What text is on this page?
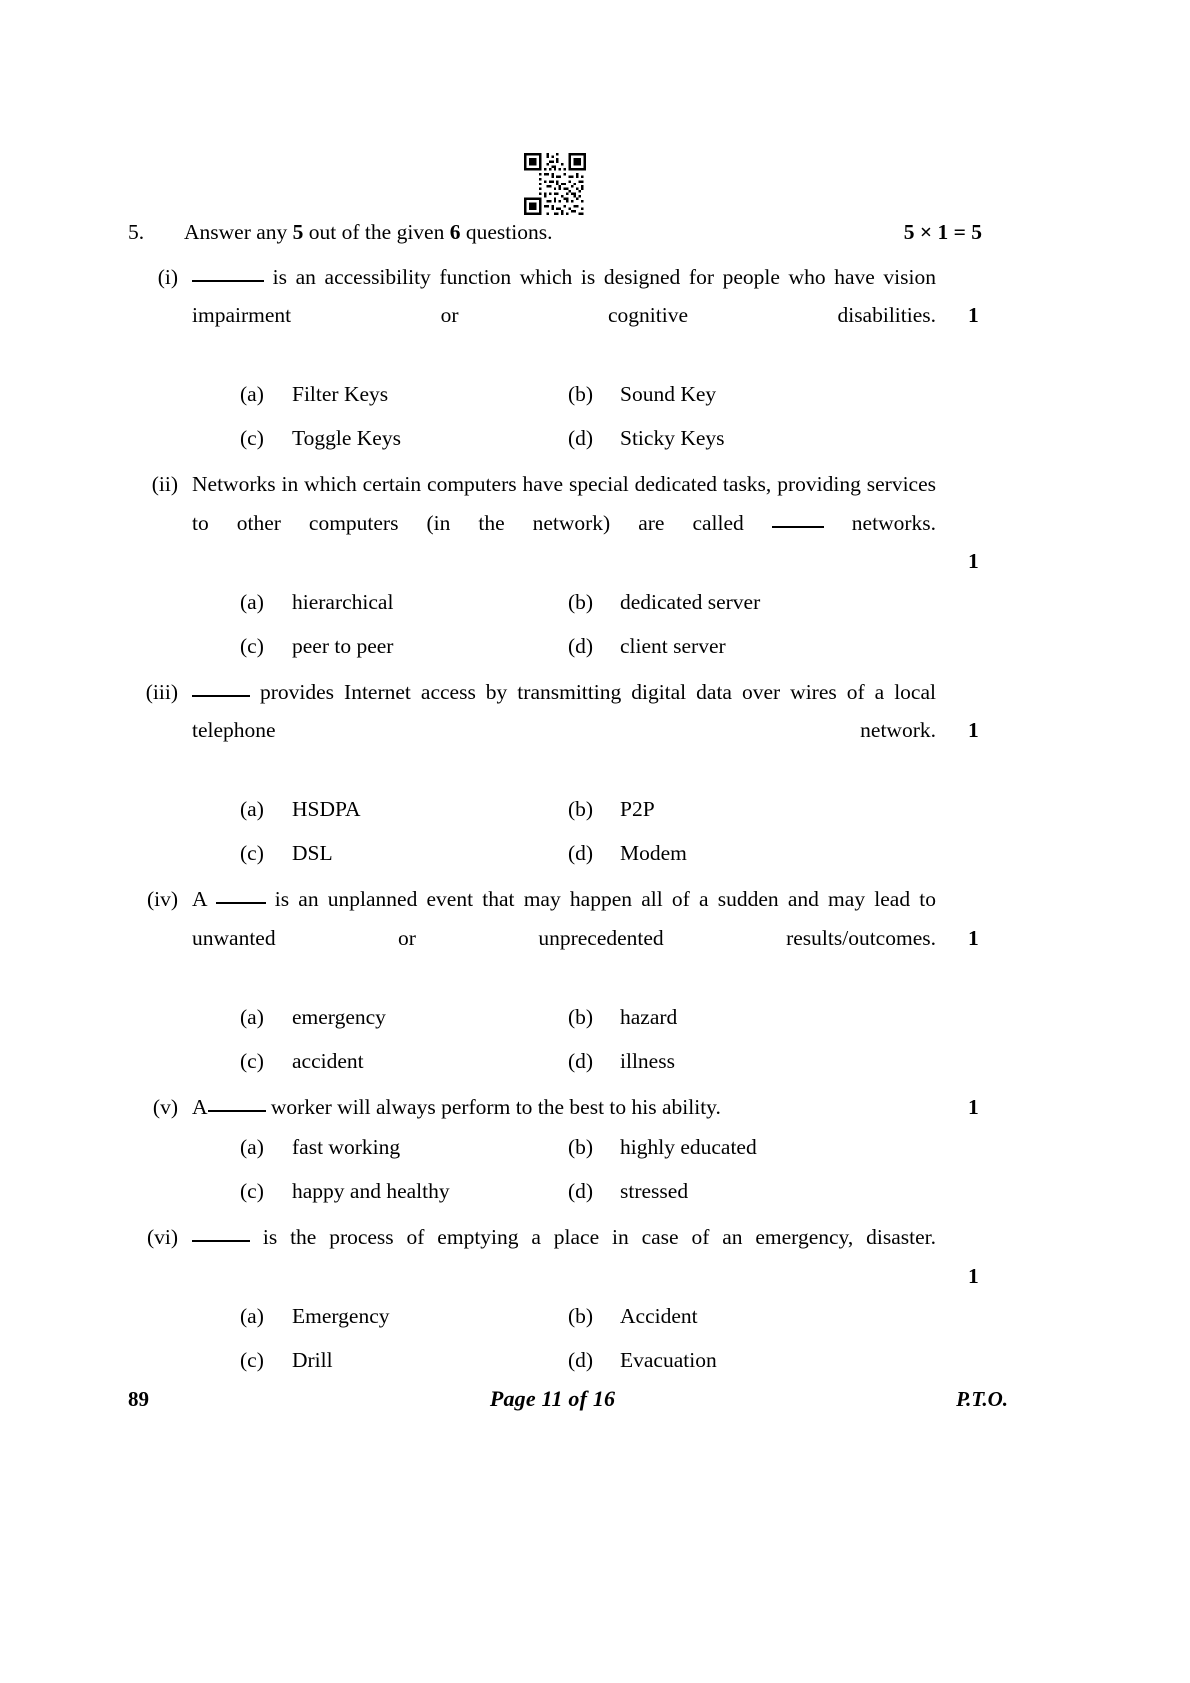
5.	Answer any 5 out of the given 6 questions.	5 × 1 = 5
(i)	is an accessibility function which is designed for people who have vision impairment or cognitive disabilities.	1
(a)	Filter Keys	(b)	Sound Key
(c)	Toggle Keys	(d)	Sticky Keys
(ii) Networks in which certain computers have special dedicated tasks, providing services to other computers (in the network) are called	networks.
1
(a)	hierarchical	(b)	dedicated server
(c)	peer to peer	(d)	client server
(iii)	provides Internet access by transmitting digital data over wires of a local telephone network.	1
(a)	HSDPA	(b)	P2P
(c)	DSL	(d)	Modem
(iv) A	is an unplanned event that may happen all of a sudden and may lead to unwanted or unprecedented results/outcomes.	1
(a)	emergency	(b)	hazard
(c)	accident	(d)	illness
(v) A	worker will always perform to the best to his ability.	1
(a)	fast working	(b)	highly educated
(c)	happy and healthy	(d)	stressed
(vi)	is the process of emptying a place in case of an emergency, disaster.
1
(a)	Emergency	(b)	Accident
(c)	Drill	(d)	Evacuation
89	Page 11 of 16	P.T.O.
